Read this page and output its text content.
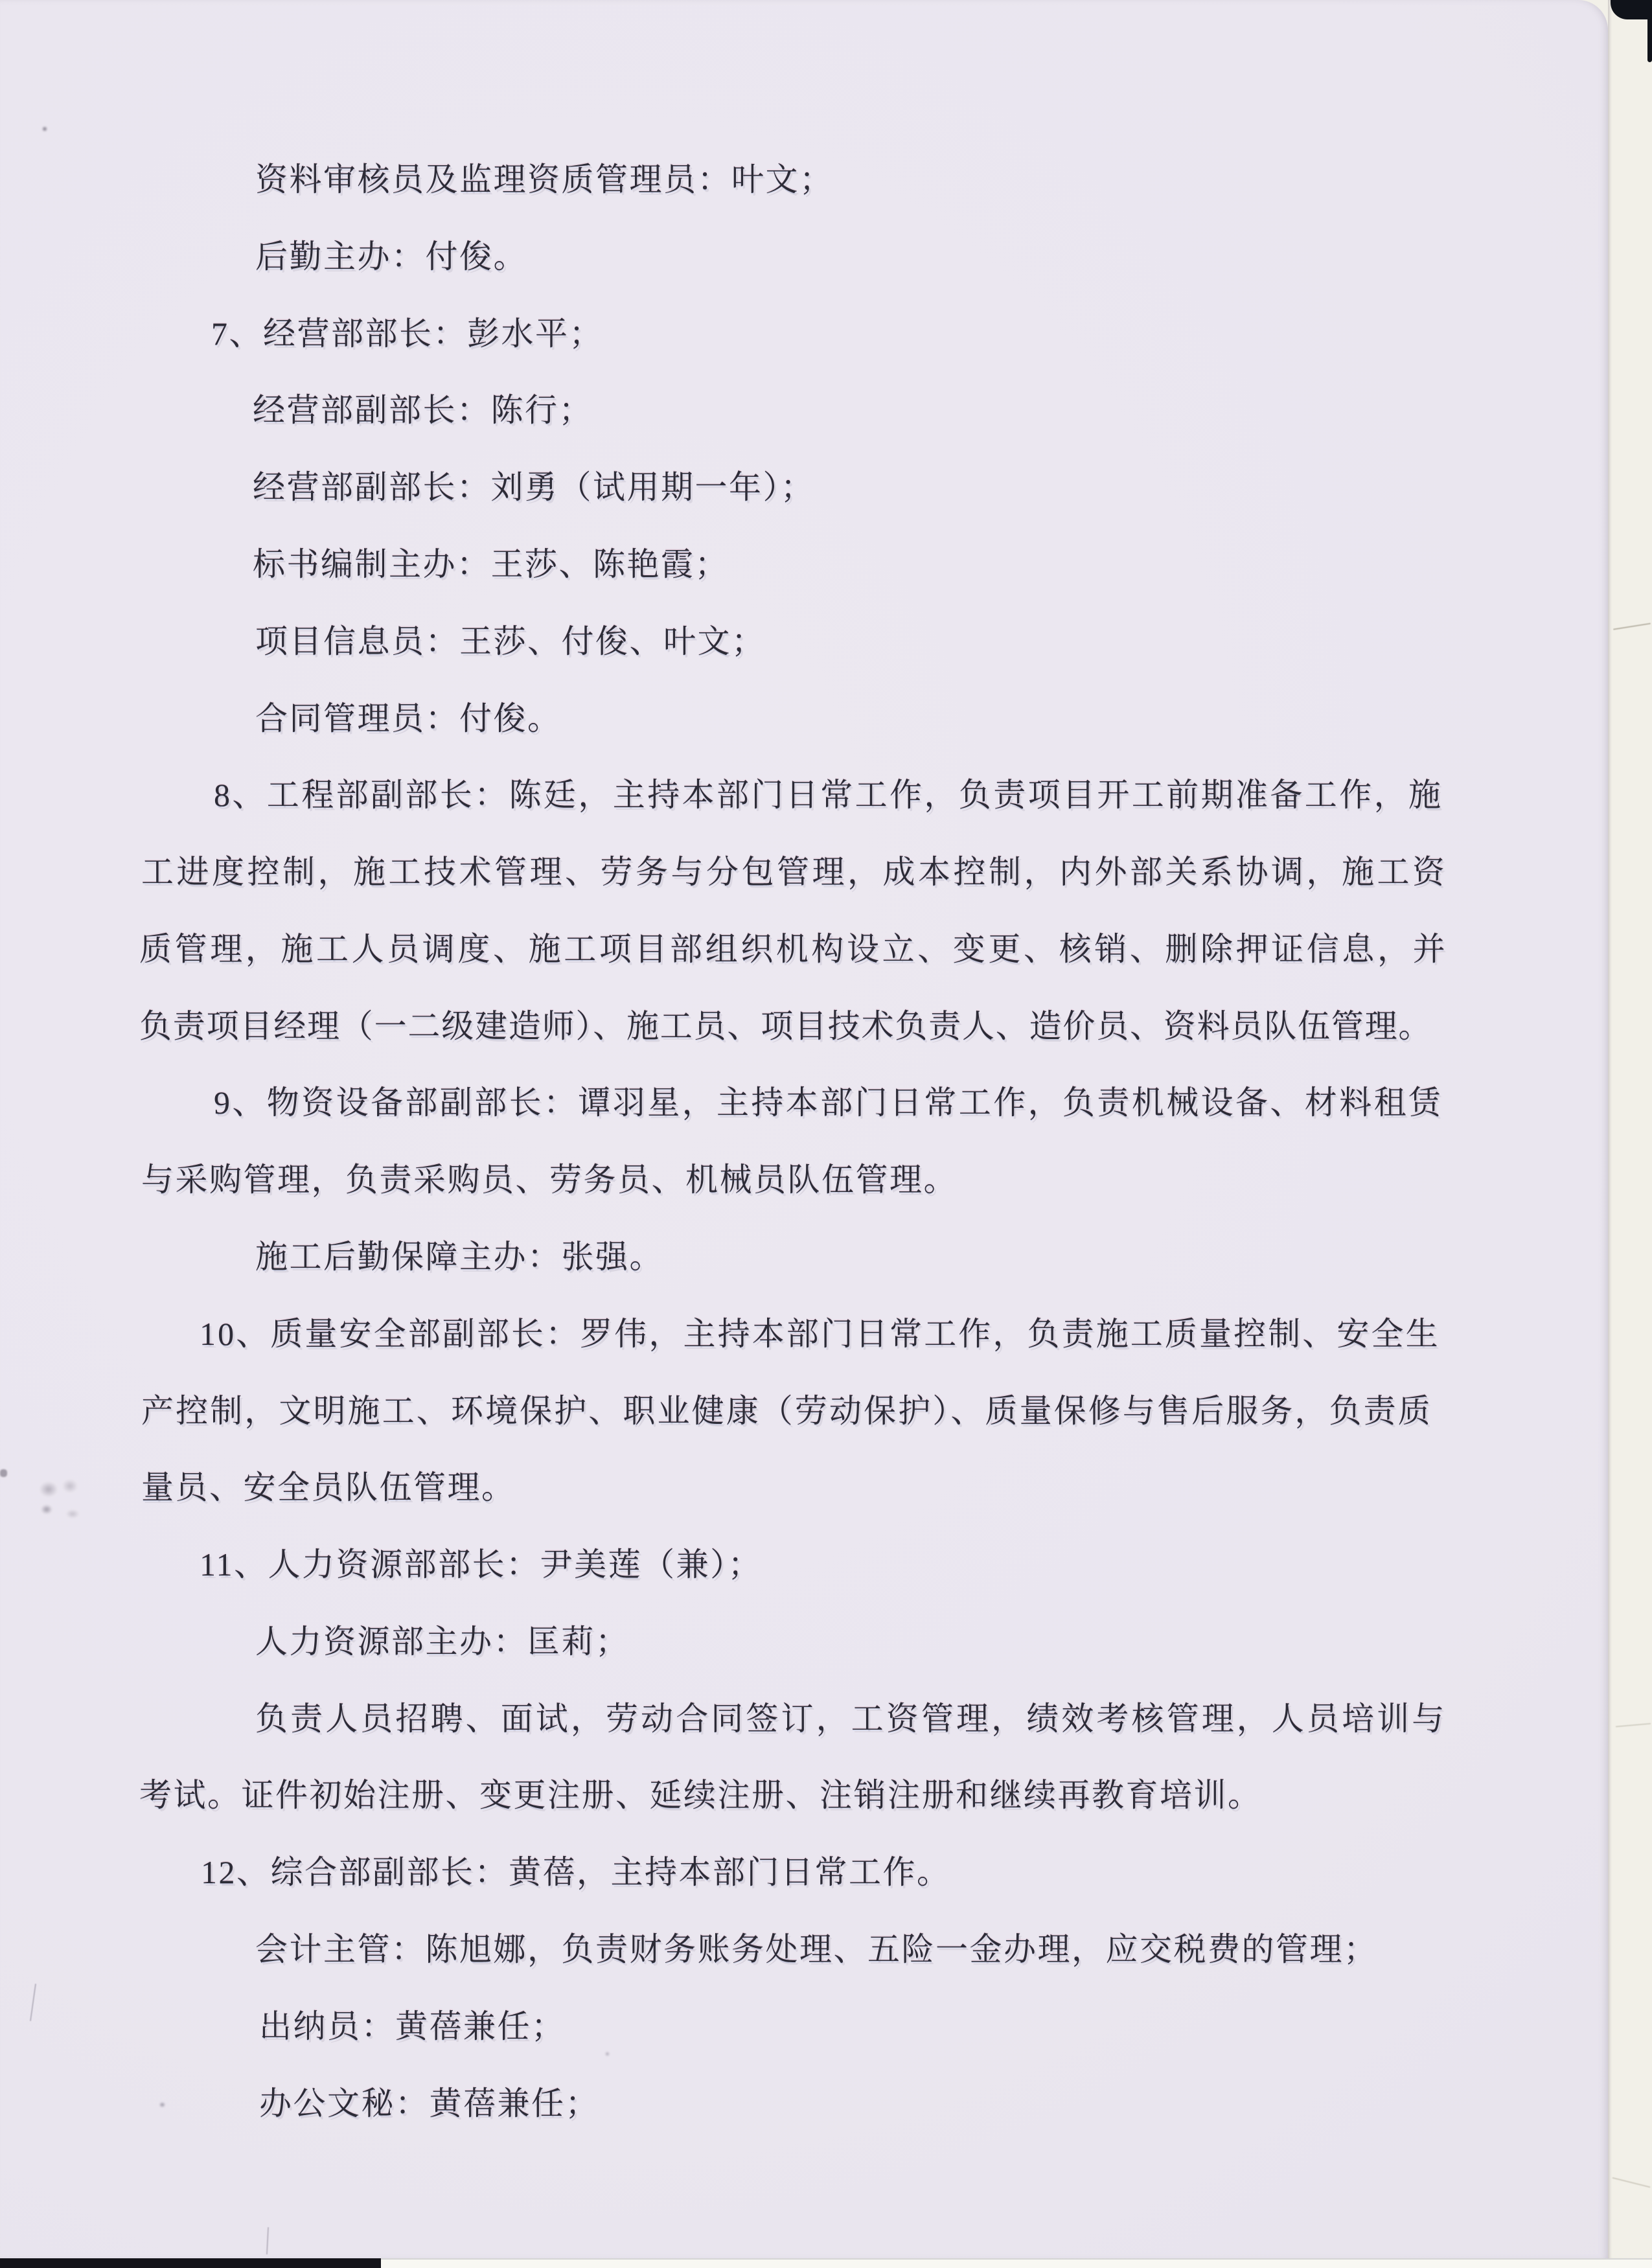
资料审核员及监理资质管理员：叶文；
后勤主办：付俊。
7、经营部部长：彭水平；
经营部副部长：陈行；
经营部副部长：刘勇（试用期一年）；
标书编制主办：王莎、陈艳霞；
项目信息员：王莎、付俊、叶文；
合同管理员：付俊。
8、工程部副部长：陈廷，主持本部门日常工作，负责项目开工前期准备工作，施
工进度控制，施工技术管理、劳务与分包管理，成本控制，内外部关系协调，施工资
质管理，施工人员调度、施工项目部组织机构设立、变更、核销、删除押证信息，并
负责项目经理（一二级建造师）、施工员、项目技术负责人、造价员、资料员队伍管理。
9、物资设备部副部长：谭羽星，主持本部门日常工作，负责机械设备、材料租赁
与采购管理，负责采购员、劳务员、机械员队伍管理。
施工后勤保障主办：张强。
10、质量安全部副部长：罗伟，主持本部门日常工作，负责施工质量控制、安全生
产控制，文明施工、环境保护、职业健康（劳动保护）、质量保修与售后服务，负责质
量员、安全员队伍管理。
11、人力资源部部长：尹美莲（兼）；
人力资源部主办：匡莉；
负责人员招聘、面试，劳动合同签订，工资管理，绩效考核管理，人员培训与
考试。证件初始注册、变更注册、延续注册、注销注册和继续再教育培训。
12、综合部副部长：黄蓓，主持本部门日常工作。
会计主管：陈旭娜，负责财务账务处理、五险一金办理，应交税费的管理；
出纳员：黄蓓兼任；
办公文秘：黄蓓兼任；
